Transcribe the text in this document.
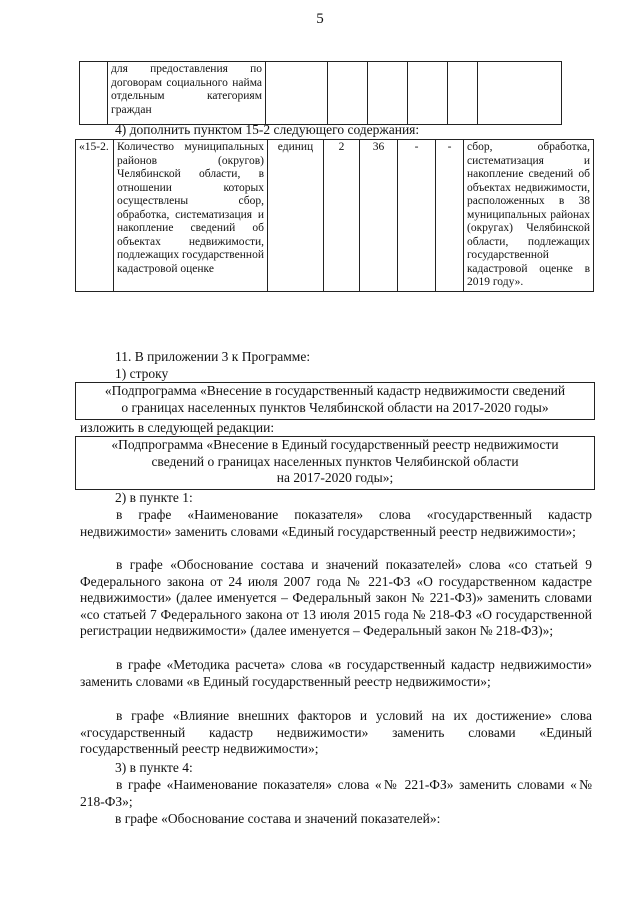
5
	для предоставления по договорам социального найма отдельным категориям граждан						
4) дополнить пунктом 15-2 следующего содержания:
«15-2.	Количество муниципальных районов (округов) Челябинской области, в отношении которых осуществлены сбор, обработка, систематизация и накопление сведений об объектах недвижимости, подлежащих государственной кадастровой оценке	единиц	2	36	-	-	сбор, обработка, систематизация и накопление сведений об объектах недвижимости, расположенных в 38 муниципальных районах (округах) Челябинской области, подлежащих государственной кадастровой оценке в 2019 году».
11. В приложении 3 к Программе:
1) строку
«Подпрограмма «Внесение в государственный кадастр недвижимости сведений
о границах населенных пунктов Челябинской области на 2017-2020 годы»
изложить в следующей редакции:
«Подпрограмма «Внесение в Единый государственный реестр недвижимости
сведений о границах населенных пунктов Челябинской области
на 2017-2020 годы»;
2) в пункте 1:
в графе «Наименование показателя» слова «государственный кадастр недвижимости» заменить словами «Единый государственный реестр недвижимости»;
в графе «Обоснование состава и значений показателей» слова «со статьей 9 Федерального закона от 24 июля 2007 года № 221-ФЗ «О государственном кадастре недвижимости» (далее именуется – Федеральный закон № 221-ФЗ)» заменить словами «со статьей 7 Федерального закона от 13 июля 2015 года № 218-ФЗ «О государственной регистрации недвижимости» (далее именуется – Федеральный закон № 218-ФЗ)»;
в графе «Методика расчета» слова «в государственный кадастр недвижимости» заменить словами «в Единый государственный реестр недвижимости»;
в графе «Влияние внешних факторов и условий на их достижение» слова «государственный кадастр недвижимости» заменить словами «Единый государственный реестр недвижимости»;
3) в пункте 4:
в графе «Наименование показателя» слова «№ 221-ФЗ» заменить словами «№ 218-ФЗ»;
в графе «Обоснование состава и значений показателей»:
